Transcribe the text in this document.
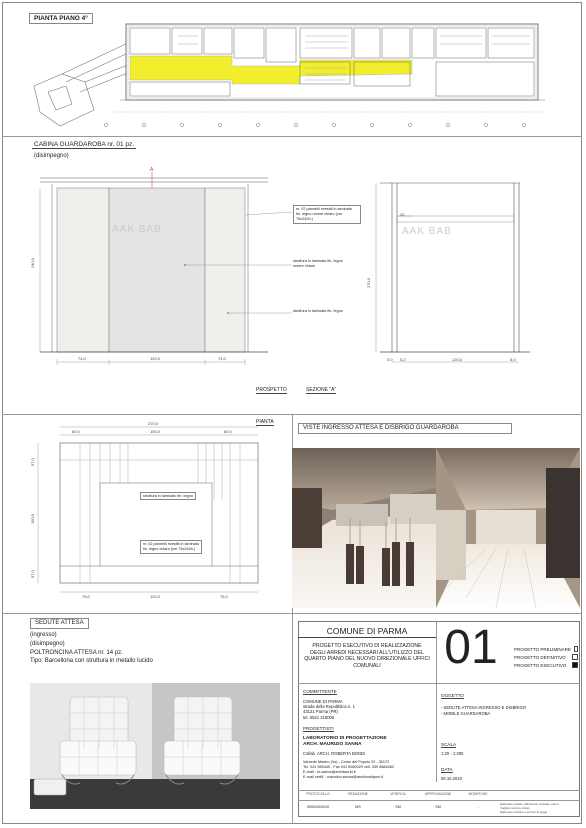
PIANTA PIANO 4°
CABINA GUARDAROBA nr. 01 pz.
(disimpegno)
A
AAK BAB	AAK BAB
240,0
74,0	120,0	74,0
nr. 02 pannelli rivestiti in laminato fin. legno rovere chiaro (cm 75x240h.)
struttura in laminato fin. legno rovere chiaro
struttura in laminato fin. legno
270,0
30
3,0 5,2	120,0	5,0
PROSPETTO	SEZIONE "A"
PIANTA
270,0
60,0	150,0	60,0
57,0
150,0
57,0
75,0	120,0	75,0
struttura in laminato fin. legno
nr. 02 pannelli rivestiti in laminato fin. legno chiaro (cm 75x240h.)
VISTE INGRESSO ATTESA E DISBRIGO GUARDAROBA
SEDUTE ATTESA
(ingresso)
(disimpegno)
POLTRONCINA ATTESA nr. 14 pz.
Tipo: Barcellona con struttura in metallo lucido
COMUNE DI PARMA
PROGETTO ESECUTIVO DI REALIZZAZIONE DEGLI ARREDI NECESSARI ALL'UTILIZZO DEL QUARTO PIANO DEL NUOVO DIREZIONALE UFFICI COMUNALI	01	PROGETTO PRELIMINARE
PROGETTO DEFINITIVO
PROGETTO ESECUTIVO
COMMITTENTE
COMUNE DI PARMA
strada della Repubblica n. 1
43121 Parma (PR)
tel. 0521 218005
PROGETTISTI
LABORATORIO DI PROGETTAZIONE
ARCH. MAURIZIO SANNA
Collab. ARCH. ROBERTA BONDI
Varsede Mastro (Vo) - Corso del Popolo 22 - 30172
Tel. 041 985440 - Fax 041 5080029 cell. 339 8684462
E-mail : m.sanna@archiworld.it
E-mail certif. : maurizio.sanna@archiworldpec.it
OGGETTO
- SEDUTE ATTESA INGRESSO E DISBRIGO
- MOBILE GUARDAROBA
SCALA
1:20 - 1:300
DATA
06.10.2010
PROTOCOLLO	REDAZIONE	VERIFICA	APPROVAZIONE	MODIFICHE
0000/03/2010	MS	SM	SM	-
Elaborato redatto utilizzando software autori
Vagliato tecnico-Ostan
Elaborato tutelato a termini di legge
